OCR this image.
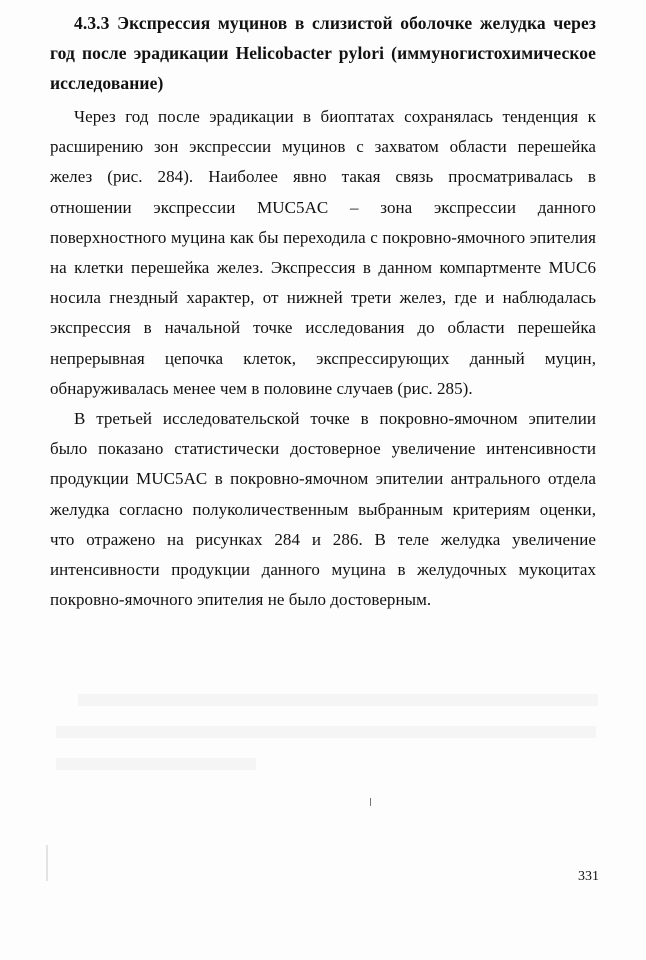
4.3.3 Экспрессия муцинов в слизистой оболочке желудка через год после эрадикации Helicobacter pylori (иммуногистохимическое исследование)

Через год после эрадикации в биоптатах сохранялась тенденция к расширению зон экспрессии муцинов с захватом области перешейка желез (рис. 284). Наиболее явно такая связь просматривалась в отношении экспрессии MUC5AC – зона экспрессии данного поверхностного муцина как бы переходила с покровно-ямочного эпителия на клетки перешейка желез. Экспрессия в данном компартменте MUC6 носила гнездный характер, от нижней трети желез, где и наблюдалась экспрессия в начальной точке исследования до области перешейка непрерывная цепочка клеток, экспрессирующих данный муцин, обнаруживалась менее чем в половине случаев (рис. 285).

В третьей исследовательской точке в покровно-ямочном эпителии было показано статистически достоверное увеличение интенсивности продукции MUC5AC в покровно-ямочном эпителии антрального отдела желудка согласно полуколичественным выбранным критериям оценки, что отражено на рисунках 284 и 286. В теле желудка увеличение интенсивности продукции данного муцина в желудочных мукоцитах покровно-ямочного эпителия не было достоверным.

331
